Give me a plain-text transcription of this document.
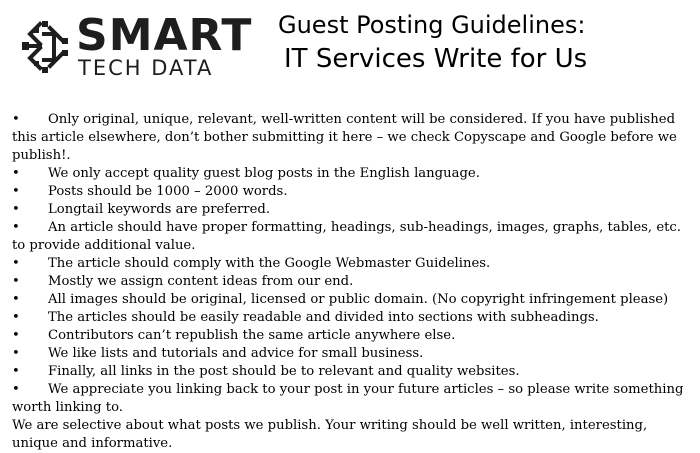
SMART
TECH DATA
Guest Posting Guidelines:
IT Services Write for Us

• Only original, unique, relevant, well-written content will be considered. If you have published this article elsewhere, don’t bother submitting it here – we check Copyscape and Google before we publish!.

• We only accept quality guest blog posts in the English language.

• Posts should be 1000 – 2000 words.

• Longtail keywords are preferred.

• An article should have proper formatting, headings, sub-headings, images, graphs, tables, etc. to provide additional value.

• The article should comply with the Google Webmaster Guidelines.

• Mostly we assign content ideas from our end.

• All images should be original, licensed or public domain. (No copyright infringement please)

• The articles should be easily readable and divided into sections with subheadings.

• Contributors can’t republish the same article anywhere else.

• We like lists and tutorials and advice for small business.

• Finally, all links in the post should be to relevant and quality websites.

• We appreciate you linking back to your post in your future articles – so please write something worth linking to.

We are selective about what posts we publish. Your writing should be well written, interesting, unique and informative.
